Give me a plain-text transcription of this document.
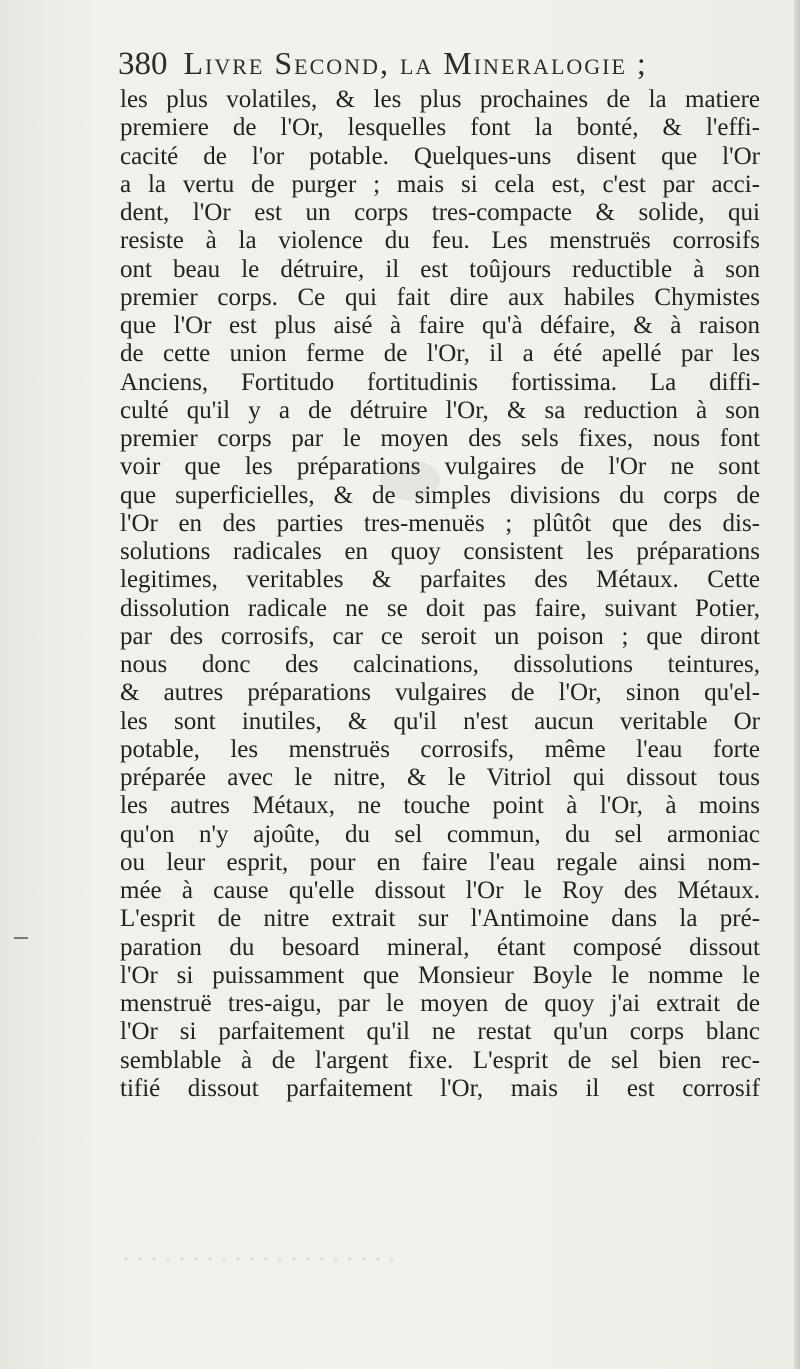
380 Livre Second, la Mineralogie ;
les plus volatiles, & les plus prochaines de la matiere
premiere de l'Or, lesquelles font la bonté, & l'effi-
cacité de l'or potable. Quelques-uns disent que l'Or
a la vertu de purger ; mais si cela est, c'est par acci-
dent, l'Or est un corps tres-compacte & solide, qui
resiste à la violence du feu. Les menstruës corrosifs
ont beau le détruire, il est toûjours reductible à son
premier corps. Ce qui fait dire aux habiles Chymistes
que l'Or est plus aisé à faire qu'à défaire, & à raison
de cette union ferme de l'Or, il a été apellé par les
Anciens, Fortitudo fortitudinis fortissima. La diffi-
culté qu'il y a de détruire l'Or, & sa reduction à son
premier corps par le moyen des sels fixes, nous font
voir que les préparations vulgaires de l'Or ne sont
que superficielles, & de simples divisions du corps de
l'Or en des parties tres-menuës ; plûtôt que des dis-
solutions radicales en quoy consistent les préparations
legitimes, veritables & parfaites des Métaux. Cette
dissolution radicale ne se doit pas faire, suivant Potier,
par des corrosifs, car ce seroit un poison ; que diront
nous donc des calcinations, dissolutions teintures,
& autres préparations vulgaires de l'Or, sinon qu'el-
les sont inutiles, & qu'il n'est aucun veritable Or
potable, les menstruës corrosifs, même l'eau forte
préparée avec le nitre, & le Vitriol qui dissout tous
les autres Métaux, ne touche point à l'Or, à moins
qu'on n'y ajoûte, du sel commun, du sel armoniac
ou leur esprit, pour en faire l'eau regale ainsi nom-
mée à cause qu'elle dissout l'Or le Roy des Métaux.
L'esprit de nitre extrait sur l'Antimoine dans la pré-
paration du besoard mineral, étant composé dissout
l'Or si puissamment que Monsieur Boyle le nomme le
menstruë tres-aigu, par le moyen de quoy j'ai extrait de
l'Or si parfaitement qu'il ne restat qu'un corps blanc
semblable à de l'argent fixe. L'esprit de sel bien rec-
tifié dissout parfaitement l'Or, mais il est corrosif
· · · · · · · · · · · · · · · · · · · ·
